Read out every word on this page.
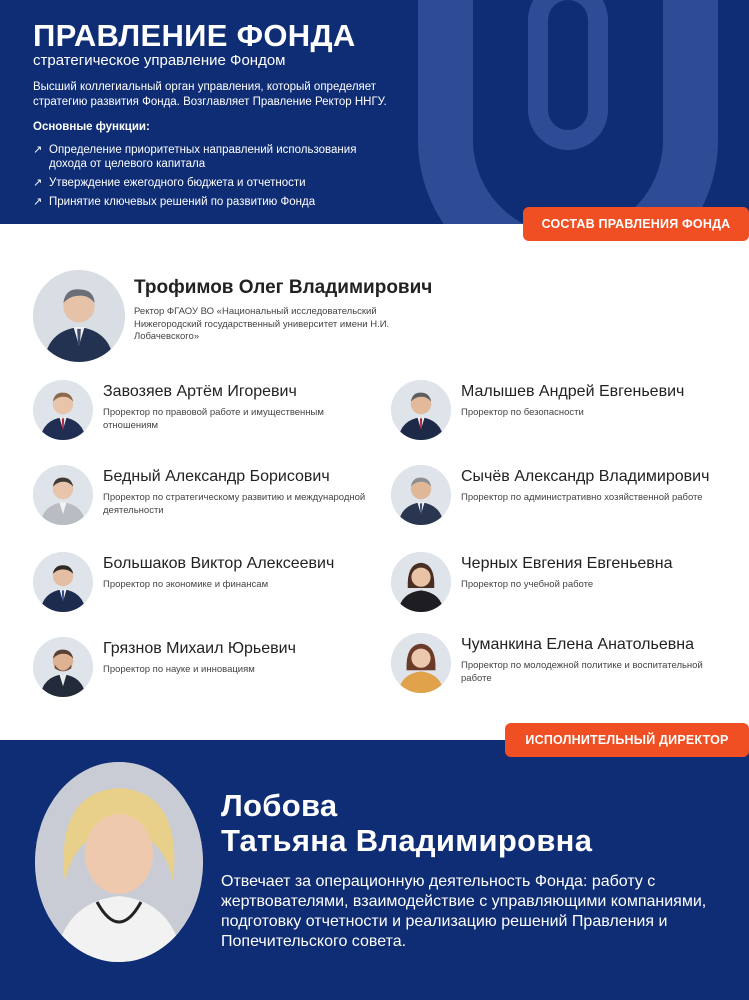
ПРАВЛЕНИЕ ФОНДА
стратегическое управление Фондом

Высший коллегиальный орган управления, который определяет стратегию развития Фонда. Возглавляет Правление Ректор ННГУ.

Основные функции:
↗ Определение приоритетных направлений использования дохода от целевого капитала
↗ Утверждение ежегодного бюджета и отчетности
↗ Принятие ключевых решений по развитию Фонда
СОСТАВ ПРАВЛЕНИЯ ФОНДА
Трофимов Олег Владимирович
Ректор ФГАОУ ВО «Национальный исследовательский Нижегородский государственный университет имени Н.И. Лобачевского»
Завозяев Артём Игоревич
Проректор по правовой работе и имущественным отношениям
Малышев Андрей Евгеньевич
Проректор по безопасности
Бедный Александр Борисович
Проректор по стратегическому развитию и международной деятельности
Сычёв Александр Владимирович
Проректор по административно хозяйственной работе
Большаков Виктор Алексеевич
Проректор по экономике и финансам
Черных Евгения Евгеньевна
Проректор по учебной работе
Грязнов Михаил Юрьевич
Проректор по науке и инновациям
Чуманкина Елена Анатольевна
Проректор по молодежной политике и воспитательной работе
Лобова
Татьяна Владимировна

Отвечает за операционную деятельность Фонда: работу с жертвователями, взаимодействие с управляющими компаниями, подготовку отчетности и реализацию решений Правления и Попечительского совета.

ИСПОЛНИТЕЛЬНЫЙ ДИРЕКТОР
